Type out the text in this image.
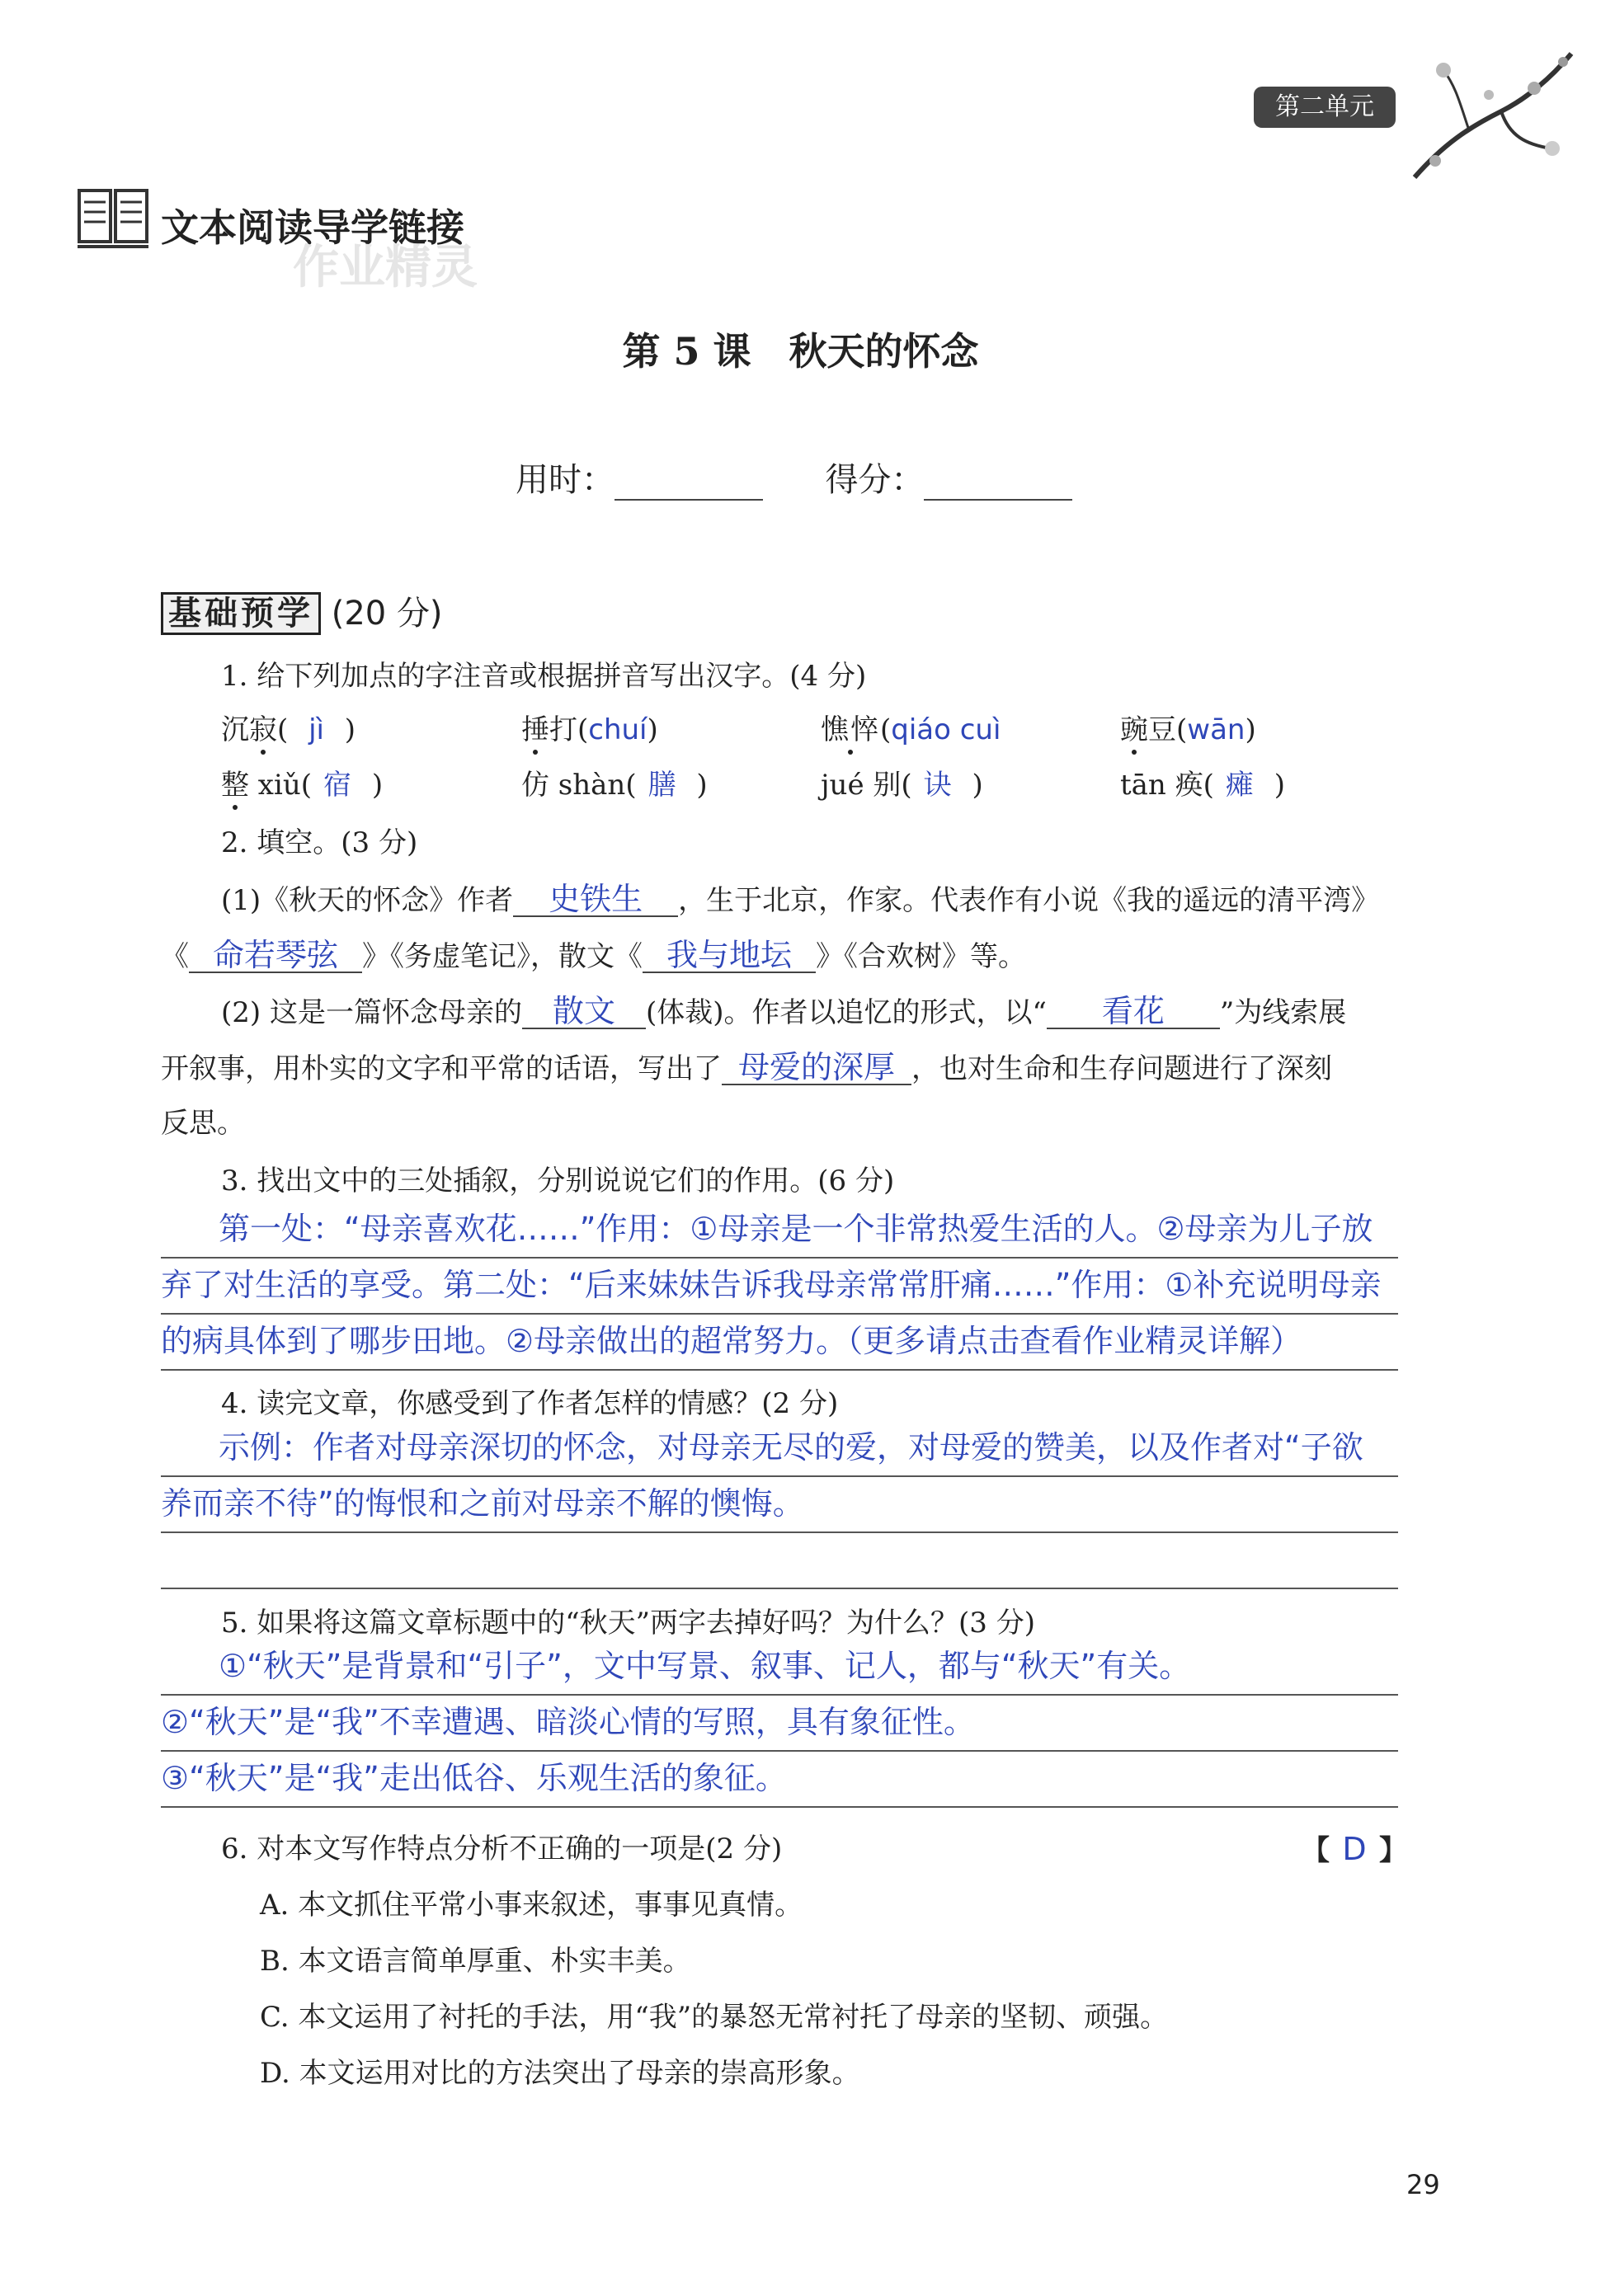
第二单元
文本阅读导学链接
作业精灵
第 5 课　秋天的怀念
用时：	得分：
基础预学 (20 分)
1. 给下列加点的字注音或根据拼音写出汉字。(4 分)
沉寂( jì )	捶打(chuí)	憔悴(qiáo cuì	豌豆(wān)
整 xiǔ( 宿 )	仿 shàn( 膳 )	jué 别( 诀 )	tān 痪( 瘫 )
2. 填空。(3 分)
(1)《秋天的怀念》作者 史铁生 ，生于北京，作家。代表作有小说《我的遥远的清平湾》
《 命若琴弦 》《务虚笔记》，散文《 我与地坛 》《合欢树》等。
(2) 这是一篇怀念母亲的 散文 (体裁)。作者以追忆的形式，以“ 看花 ”为线索展
开叙事，用朴实的文字和平常的话语，写出了 母爱的深厚 ，也对生命和生存问题进行了深刻
反思。
3. 找出文中的三处插叙，分别说说它们的作用。(6 分)
第一处：“母亲喜欢花……”作用：①母亲是一个非常热爱生活的人。②母亲为儿子放
弃了对生活的享受。第二处：“后来妹妹告诉我母亲常常肝痛……”作用：①补充说明母亲
的病具体到了哪步田地。②母亲做出的超常努力。（更多请点击查看作业精灵详解）
4. 读完文章，你感受到了作者怎样的情感？(2 分)
示例：作者对母亲深切的怀念，对母亲无尽的爱，对母爱的赞美，以及作者对“子欲
养而亲不待”的悔恨和之前对母亲不解的懊悔。
5. 如果将这篇文章标题中的“秋天”两字去掉好吗？为什么？(3 分)
①“秋天”是背景和“引子”，文中写景、叙事、记人，都与“秋天”有关。
②“秋天”是“我”不幸遭遇、暗淡心情的写照，具有象征性。
③“秋天”是“我”走出低谷、乐观生活的象征。
6. 对本文写作特点分析不正确的一项是(2 分)	【 D 】
A. 本文抓住平常小事来叙述，事事见真情。
B. 本文语言简单厚重、朴实丰美。
C. 本文运用了衬托的手法，用“我”的暴怒无常衬托了母亲的坚韧、顽强。
D. 本文运用对比的方法突出了母亲的崇高形象。
29
